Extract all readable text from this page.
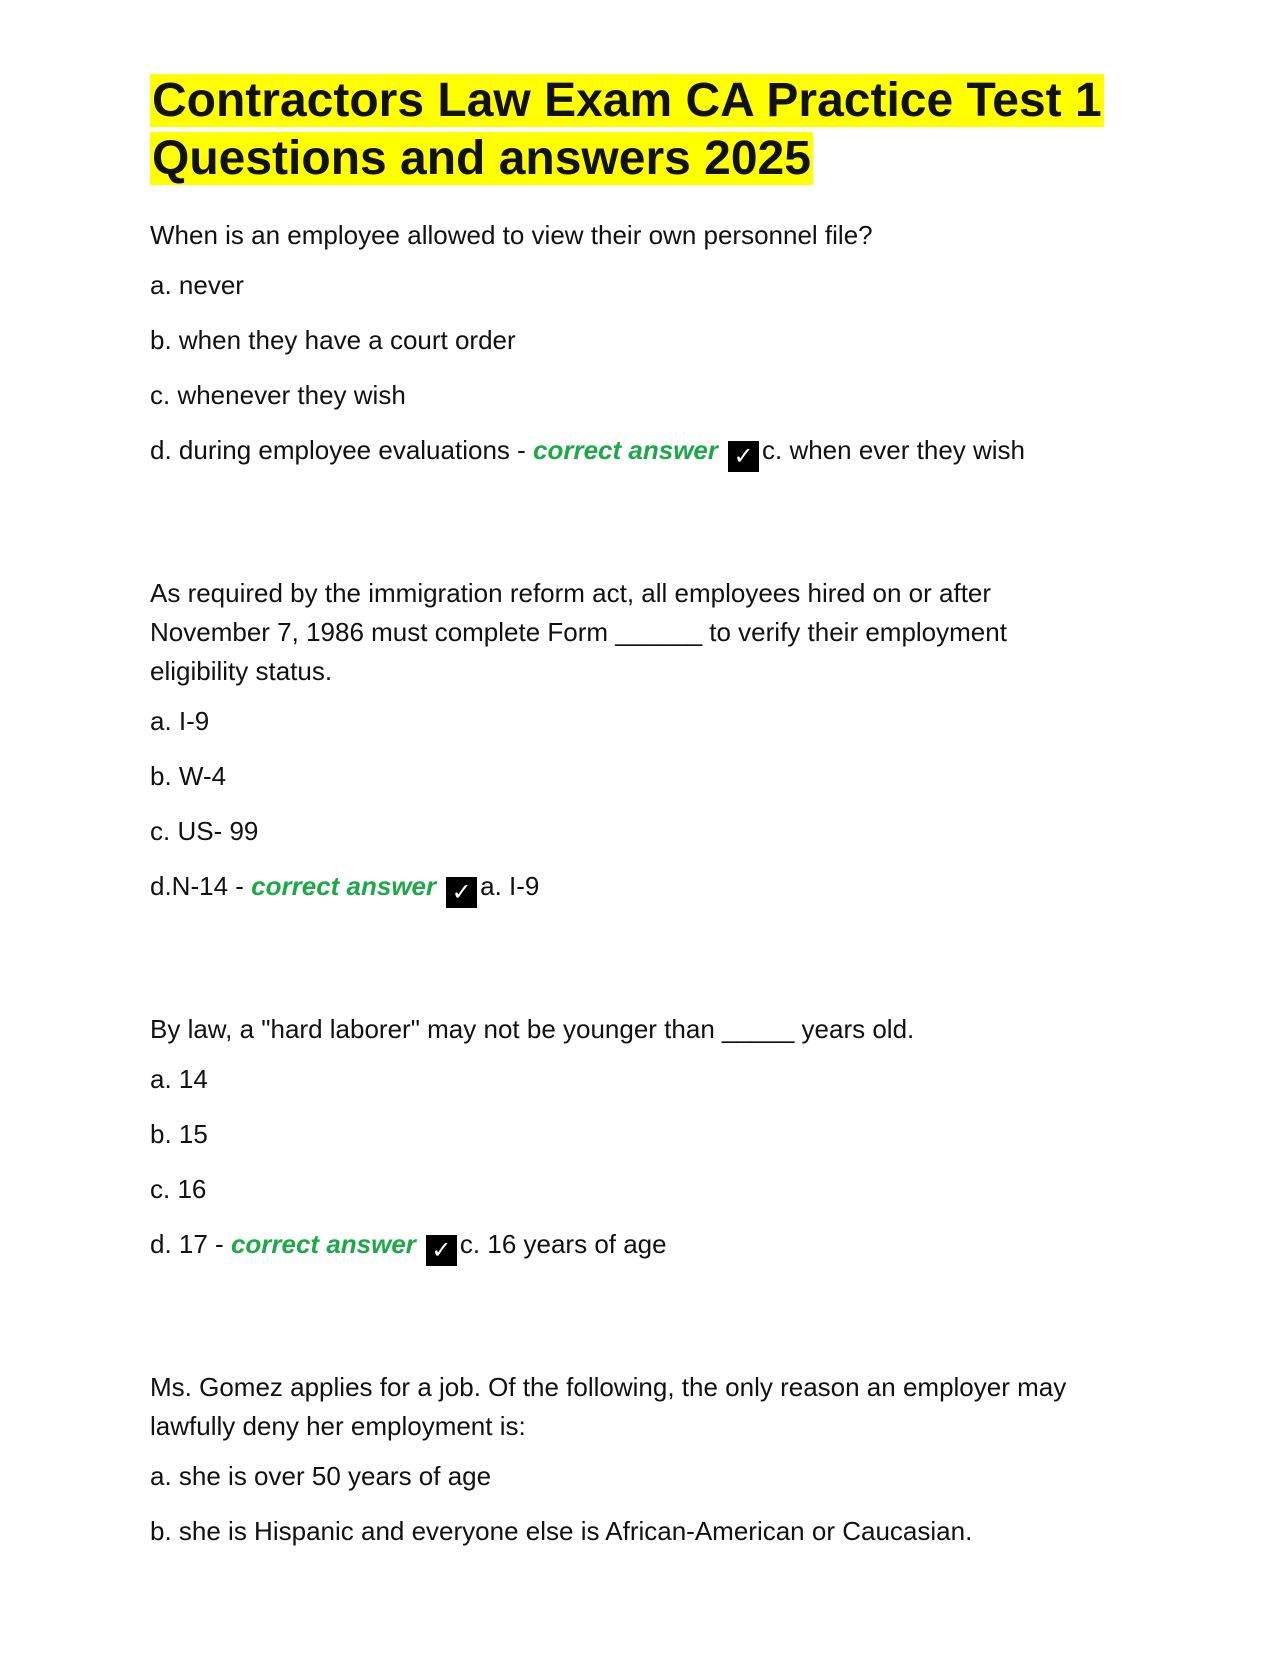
Contractors Law Exam CA Practice Test 1 Questions and answers 2025

When is an employee allowed to view their own personnel file?

a. never

b. when they have a court order

c. whenever they wish

d. during employee evaluations - correct answer ✓ c. when ever they wish

As required by the immigration reform act, all employees hired on or after November 7, 1986 must complete Form ______ to verify their employment eligibility status.

a. I-9

b. W-4

c. US- 99

d.N-14 - correct answer ✓ a. I-9

By law, a "hard laborer" may not be younger than _____ years old.

a. 14

b. 15

c. 16

d. 17 - correct answer ✓ c. 16 years of age

Ms. Gomez applies for a job. Of the following, the only reason an employer may lawfully deny her employment is:

a. she is over 50 years of age

b. she is Hispanic and everyone else is African-American or Caucasian.
